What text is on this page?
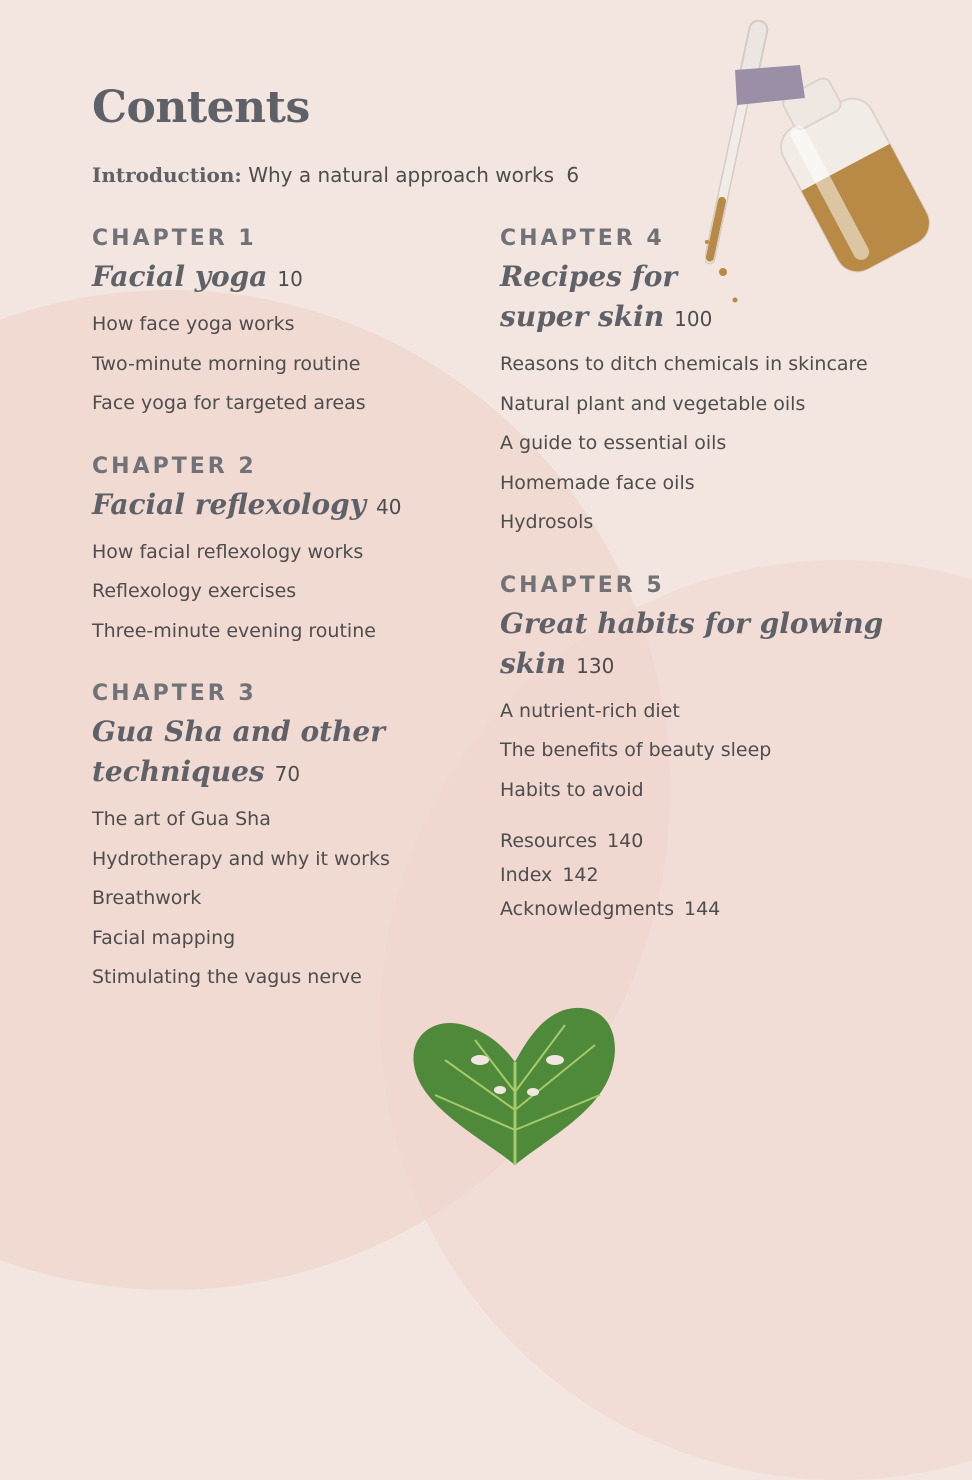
Contents
Introduction: Why a natural approach works 6
CHAPTER 1
Facial yoga 10
How face yoga works
Two-minute morning routine
Face yoga for targeted areas
CHAPTER 2
Facial reflexology 40
How facial reflexology works
Reflexology exercises
Three-minute evening routine
CHAPTER 3
Gua Sha and other
techniques 70
The art of Gua Sha
Hydrotherapy and why it works
Breathwork
Facial mapping
Stimulating the vagus nerve
CHAPTER 4
Recipes for
super skin 100
Reasons to ditch chemicals in skincare
Natural plant and vegetable oils
A guide to essential oils
Homemade face oils
Hydrosols
CHAPTER 5
Great habits for glowing
skin 130
A nutrient-rich diet
The benefits of beauty sleep
Habits to avoid
Resources 140
Index 142
Acknowledgments 144
